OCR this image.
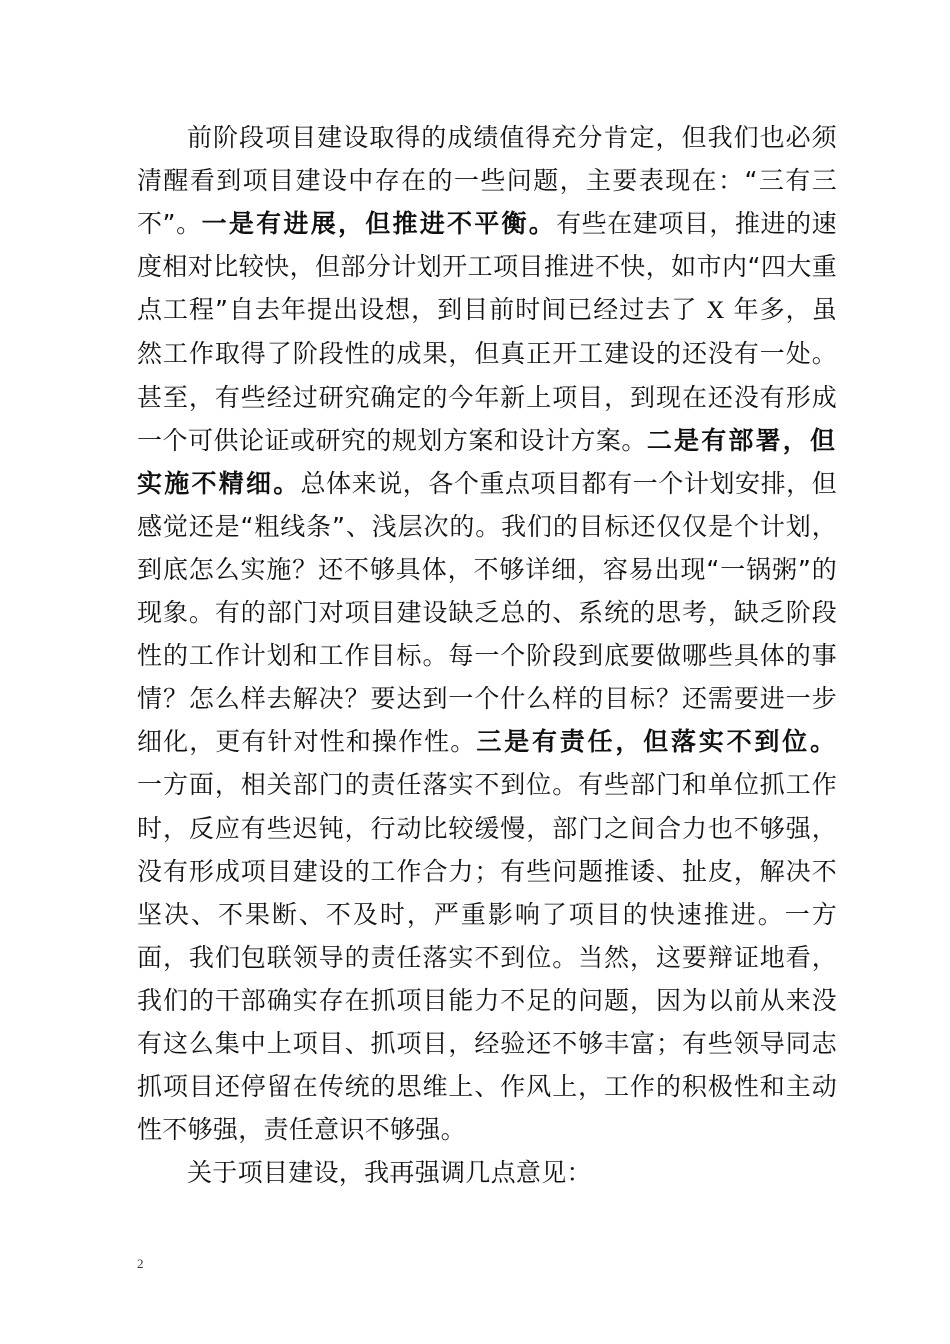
前阶段项目建设取得的成绩值得充分肯定，但我们也必须清醒看到项目建设中存在的一些问题，主要表现在：“三有三不”。一是有进展，但推进不平衡。有些在建项目，推进的速度相对比较快，但部分计划开工项目推进不快，如市内“四大重点工程”自去年提出设想，到目前时间已经过去了 X 年多，虽然工作取得了阶段性的成果，但真正开工建设的还没有一处。甚至，有些经过研究确定的今年新上项目，到现在还没有形成一个可供论证或研究的规划方案和设计方案。二是有部署，但实施不精细。总体来说，各个重点项目都有一个计划安排，但感觉还是“粗线条”、浅层次的。我们的目标还仅仅是个计划，到底怎么实施？还不够具体，不够详细，容易出现“一锅粥”的现象。有的部门对项目建设缺乏总的、系统的思考，缺乏阶段性的工作计划和工作目标。每一个阶段到底要做哪些具体的事情？怎么样去解决？要达到一个什么样的目标？还需要进一步细化，更有针对性和操作性。三是有责任，但落实不到位。一方面，相关部门的责任落实不到位。有些部门和单位抓工作时，反应有些迟钝，行动比较缓慢，部门之间合力也不够强，没有形成项目建设的工作合力；有些问题推诿、扯皮，解决不坚决、不果断、不及时，严重影响了项目的快速推进。一方面，我们包联领导的责任落实不到位。当然，这要辩证地看，我们的干部确实存在抓项目能力不足的问题，因为以前从来没有这么集中上项目、抓项目，经验还不够丰富；有些领导同志抓项目还停留在传统的思维上、作风上，工作的积极性和主动性不够强，责任意识不够强。

关于项目建设，我再强调几点意见：

2
